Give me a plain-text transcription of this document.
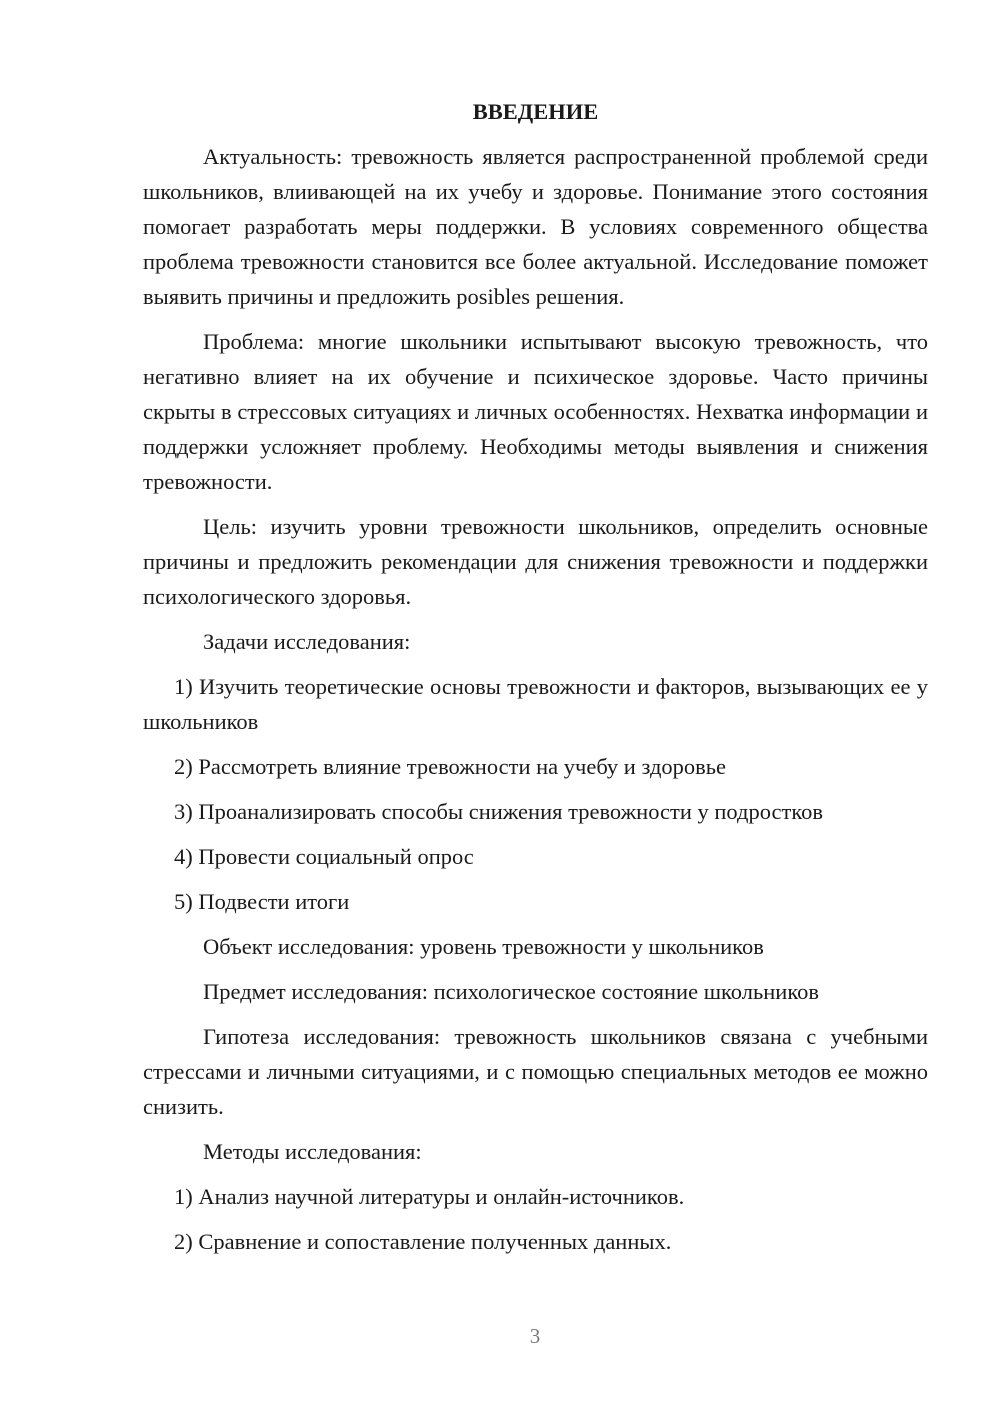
ВВЕДЕНИЕ

Актуальность: тревожность является распространенной проблемой среди школьников, влиивающей на их учебу и здоровье. Понимание этого состояния помогает разработать меры поддержки. В условиях современного общества проблема тревожности становится все более актуальной. Исследование поможет выявить причины и предложить posibles решения.

Проблема: многие школьники испытывают высокую тревожность, что негативно влияет на их обучение и психическое здоровье. Часто причины скрыты в стрессовых ситуациях и личных особенностях. Нехватка информации и поддержки усложняет проблему. Необходимы методы выявления и снижения тревожности.

Цель: изучить уровни тревожности школьников, определить основные причины и предложить рекомендации для снижения тревожности и поддержки психологического здоровья.

Задачи исследования:

1) Изучить теоретические основы тревожности и факторов, вызывающих ее у школьников

2) Рассмотреть влияние тревожности на учебу и здоровье

3) Проанализировать способы снижения тревожности у подростков

4) Провести социальный опрос

5) Подвести итоги

Объект исследования: уровень тревожности у школьников

Предмет исследования: психологическое состояние школьников

Гипотеза исследования: тревожность школьников связана с учебными стрессами и личными ситуациями, и с помощью специальных методов ее можно снизить.

Методы исследования:

1) Анализ научной литературы и онлайн-источников.

2) Сравнение и сопоставление полученных данных.

3
